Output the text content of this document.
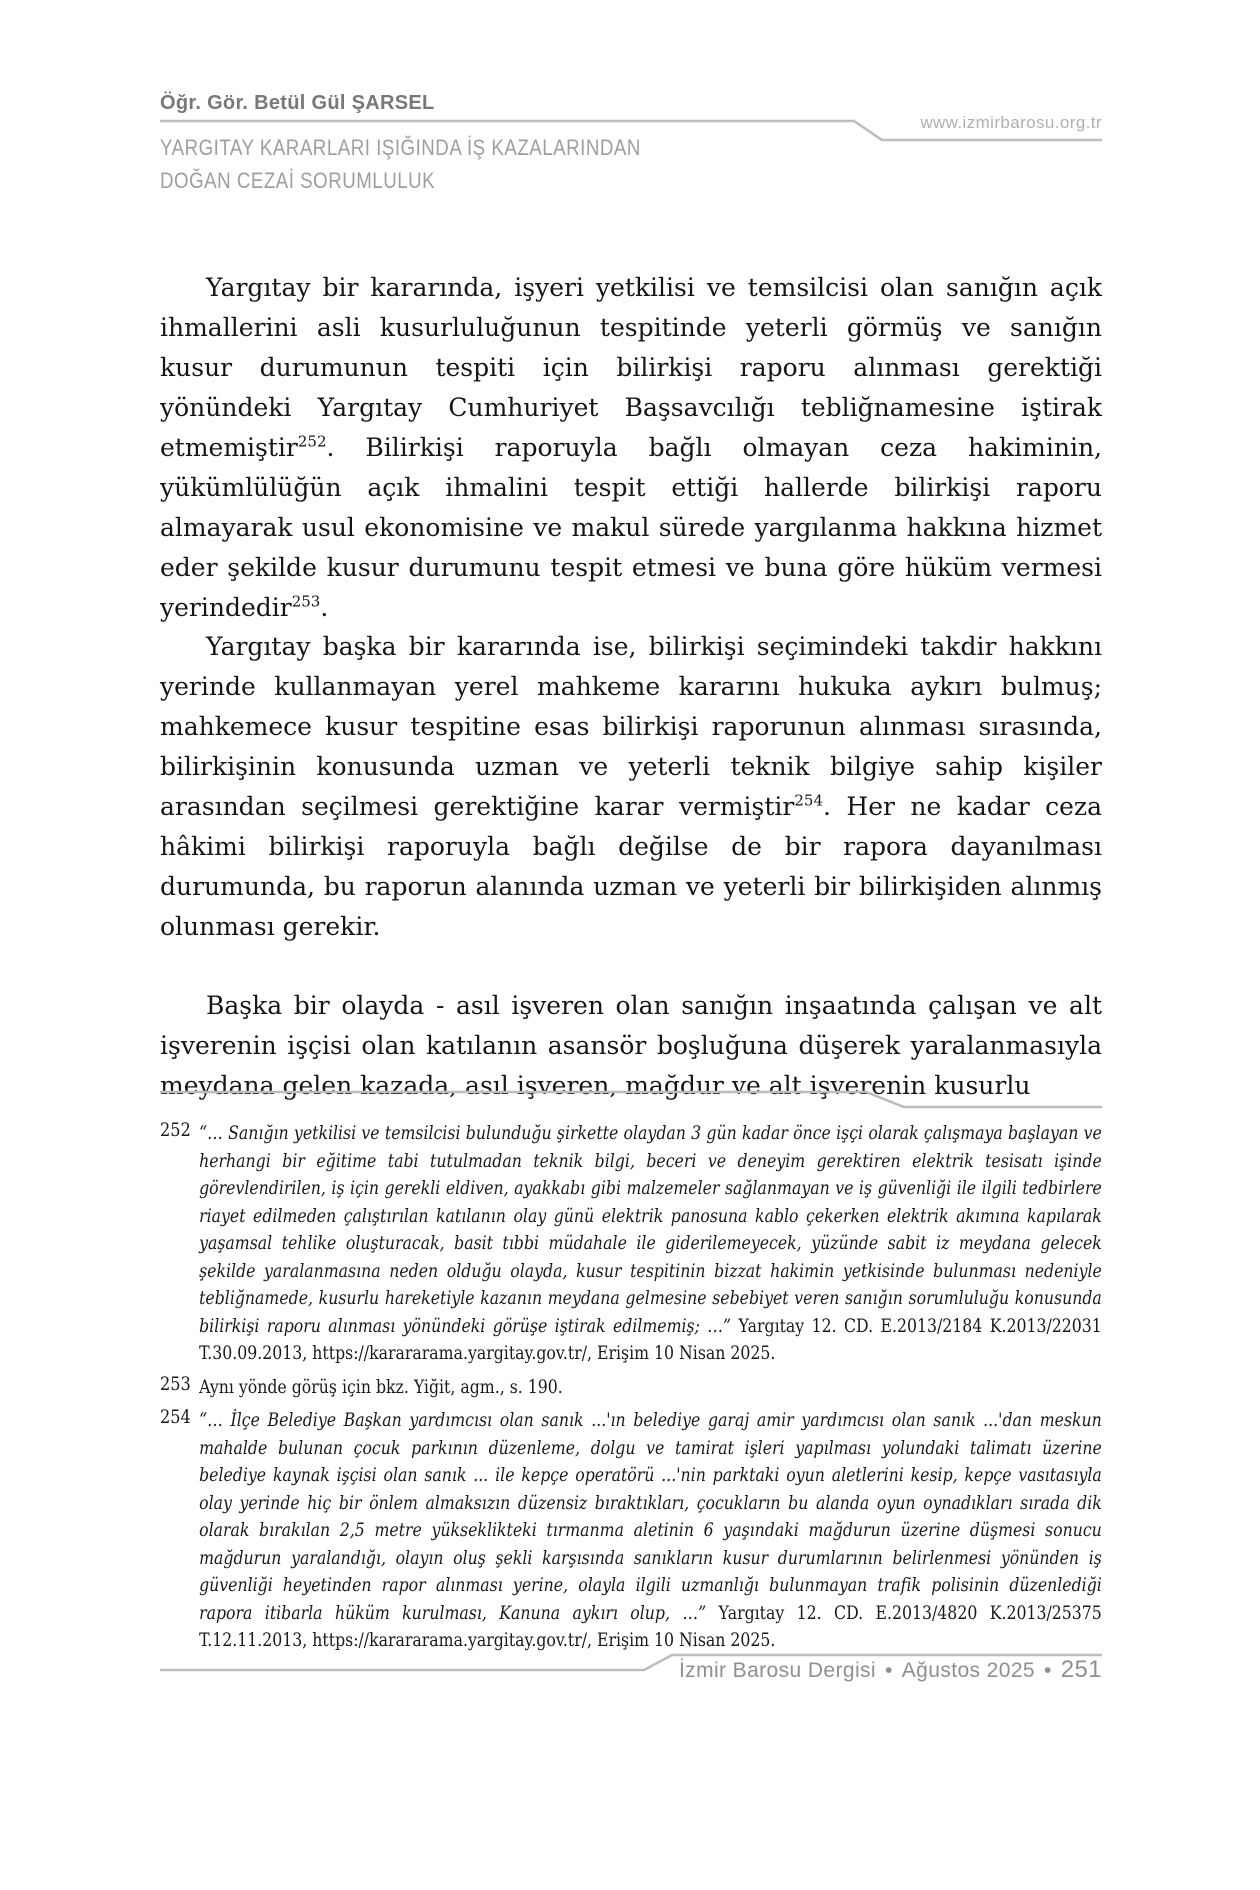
Öğr. Gör. Betül Gül ŞARSEL
www.izmirbarosu.org.tr
YARGITAY KARARLARI IŞIĞINDA İŞ KAZALARINDAN
DOĞAN CEZAİ SORUMLULUK

Yargıtay bir kararında, işyeri yetkilisi ve temsilcisi olan sanığın açık ihmallerini asli kusurluluğunun tespitinde yeterli görmüş ve sanığın kusur durumunun tespiti için bilirkişi raporu alınması gerektiği yönündeki Yargıtay Cumhuriyet Başsavcılığı tebliğnamesine iştirak etmemiştir$^{252}$. Bilirkişi raporuyla bağlı olmayan ceza hakiminin, yükümlülüğün açık ihmalini tespit ettiği hallerde bilirkişi raporu almayarak usul ekonomisine ve makul sürede yargılanma hakkına hizmet eder şekilde kusur durumunu tespit etmesi ve buna göre hüküm vermesi yerindedir$^{253}$.

Yargıtay başka bir kararında ise, bilirkişi seçimindeki takdir hakkını yerinde kullanmayan yerel mahkeme kararını hukuka aykırı bulmuş; mahkemece kusur tespitine esas bilirkişi raporunun alınması sırasında, bilirkişinin konusunda uzman ve yeterli teknik bilgiye sahip kişiler arasından seçilmesi gerektiğine karar vermiştir$^{254}$. Her ne kadar ceza hâkimi bilirkişi raporuyla bağlı değilse de bir rapora dayanılması durumunda, bu raporun alanında uzman ve yeterli bir bilirkişiden alınmış olunması gerekir.

Başka bir olayda - asıl işveren olan sanığın inşaatında çalışan ve alt işverenin işçisi olan katılanın asansör boşluğuna düşerek yaralanmasıyla meydana gelen kazada, asıl işveren, mağdur ve alt işverenin kusurlu

252 “… Sanığın yetkilisi ve temsilcisi bulunduğu şirkette olaydan 3 gün kadar önce işçi olarak çalışmaya başlayan ve herhangi bir eğitime tabi tutulmadan teknik bilgi, beceri ve deneyim gerektiren elektrik tesisatı işinde görevlendirilen, iş için gerekli eldiven, ayakkabı gibi malzemeler sağlanmayan ve iş güvenliği ile ilgili tedbirlere riayet edilmeden çalıştırılan katılanın olay günü elektrik panosuna kablo çekerken elektrik akımına kapılarak yaşamsal tehlike oluşturacak, basit tıbbi müdahale ile giderilemeyecek, yüzünde sabit iz meydana gelecek şekilde yaralanmasına neden olduğu olayda, kusur tespitinin bizzat hakimin yetkisinde bulunması nedeniyle tebliğnamede, kusurlu hareketiyle kazanın meydana gelmesine sebebiyet veren sanığın sorumluluğu konusunda bilirkişi raporu alınması yönündeki görüşe iştirak edilmemiş; …” Yargıtay 12. CD. E.2013/2184 K.2013/22031 T.30.09.2013, https://karararama.yargitay.gov.tr/, Erişim 10 Nisan 2025.
253 Aynı yönde görüş için bkz. Yiğit, agm., s. 190.
254 “… İlçe Belediye Başkan yardımcısı olan sanık ...'ın belediye garaj amir yardımcısı olan sanık ...'dan meskun mahalde bulunan çocuk parkının düzenleme, dolgu ve tamirat işleri yapılması yolundaki talimatı üzerine belediye kaynak işçisi olan sanık ... ile kepçe operatörü ...'nin parktaki oyun aletlerini kesip, kepçe vasıtasıyla olay yerinde hiç bir önlem almaksızın düzensiz bıraktıkları, çocukların bu alanda oyun oynadıkları sırada dik olarak bırakılan 2,5 metre yükseklikteki tırmanma aletinin 6 yaşındaki mağdurun üzerine düşmesi sonucu mağdurun yaralandığı, olayın oluş şekli karşısında sanıkların kusur durumlarının belirlenmesi yönünden iş güvenliği heyetinden rapor alınması yerine, olayla ilgili uzmanlığı bulunmayan trafik polisinin düzenlediği rapora itibarla hüküm kurulması, Kanuna aykırı olup, …” Yargıtay 12. CD. E.2013/4820 K.2013/25375 T.12.11.2013, https://karararama.yargitay.gov.tr/, Erişim 10 Nisan 2025.
İzmir Barosu Dergisi • Ağustos 2025 • 251
